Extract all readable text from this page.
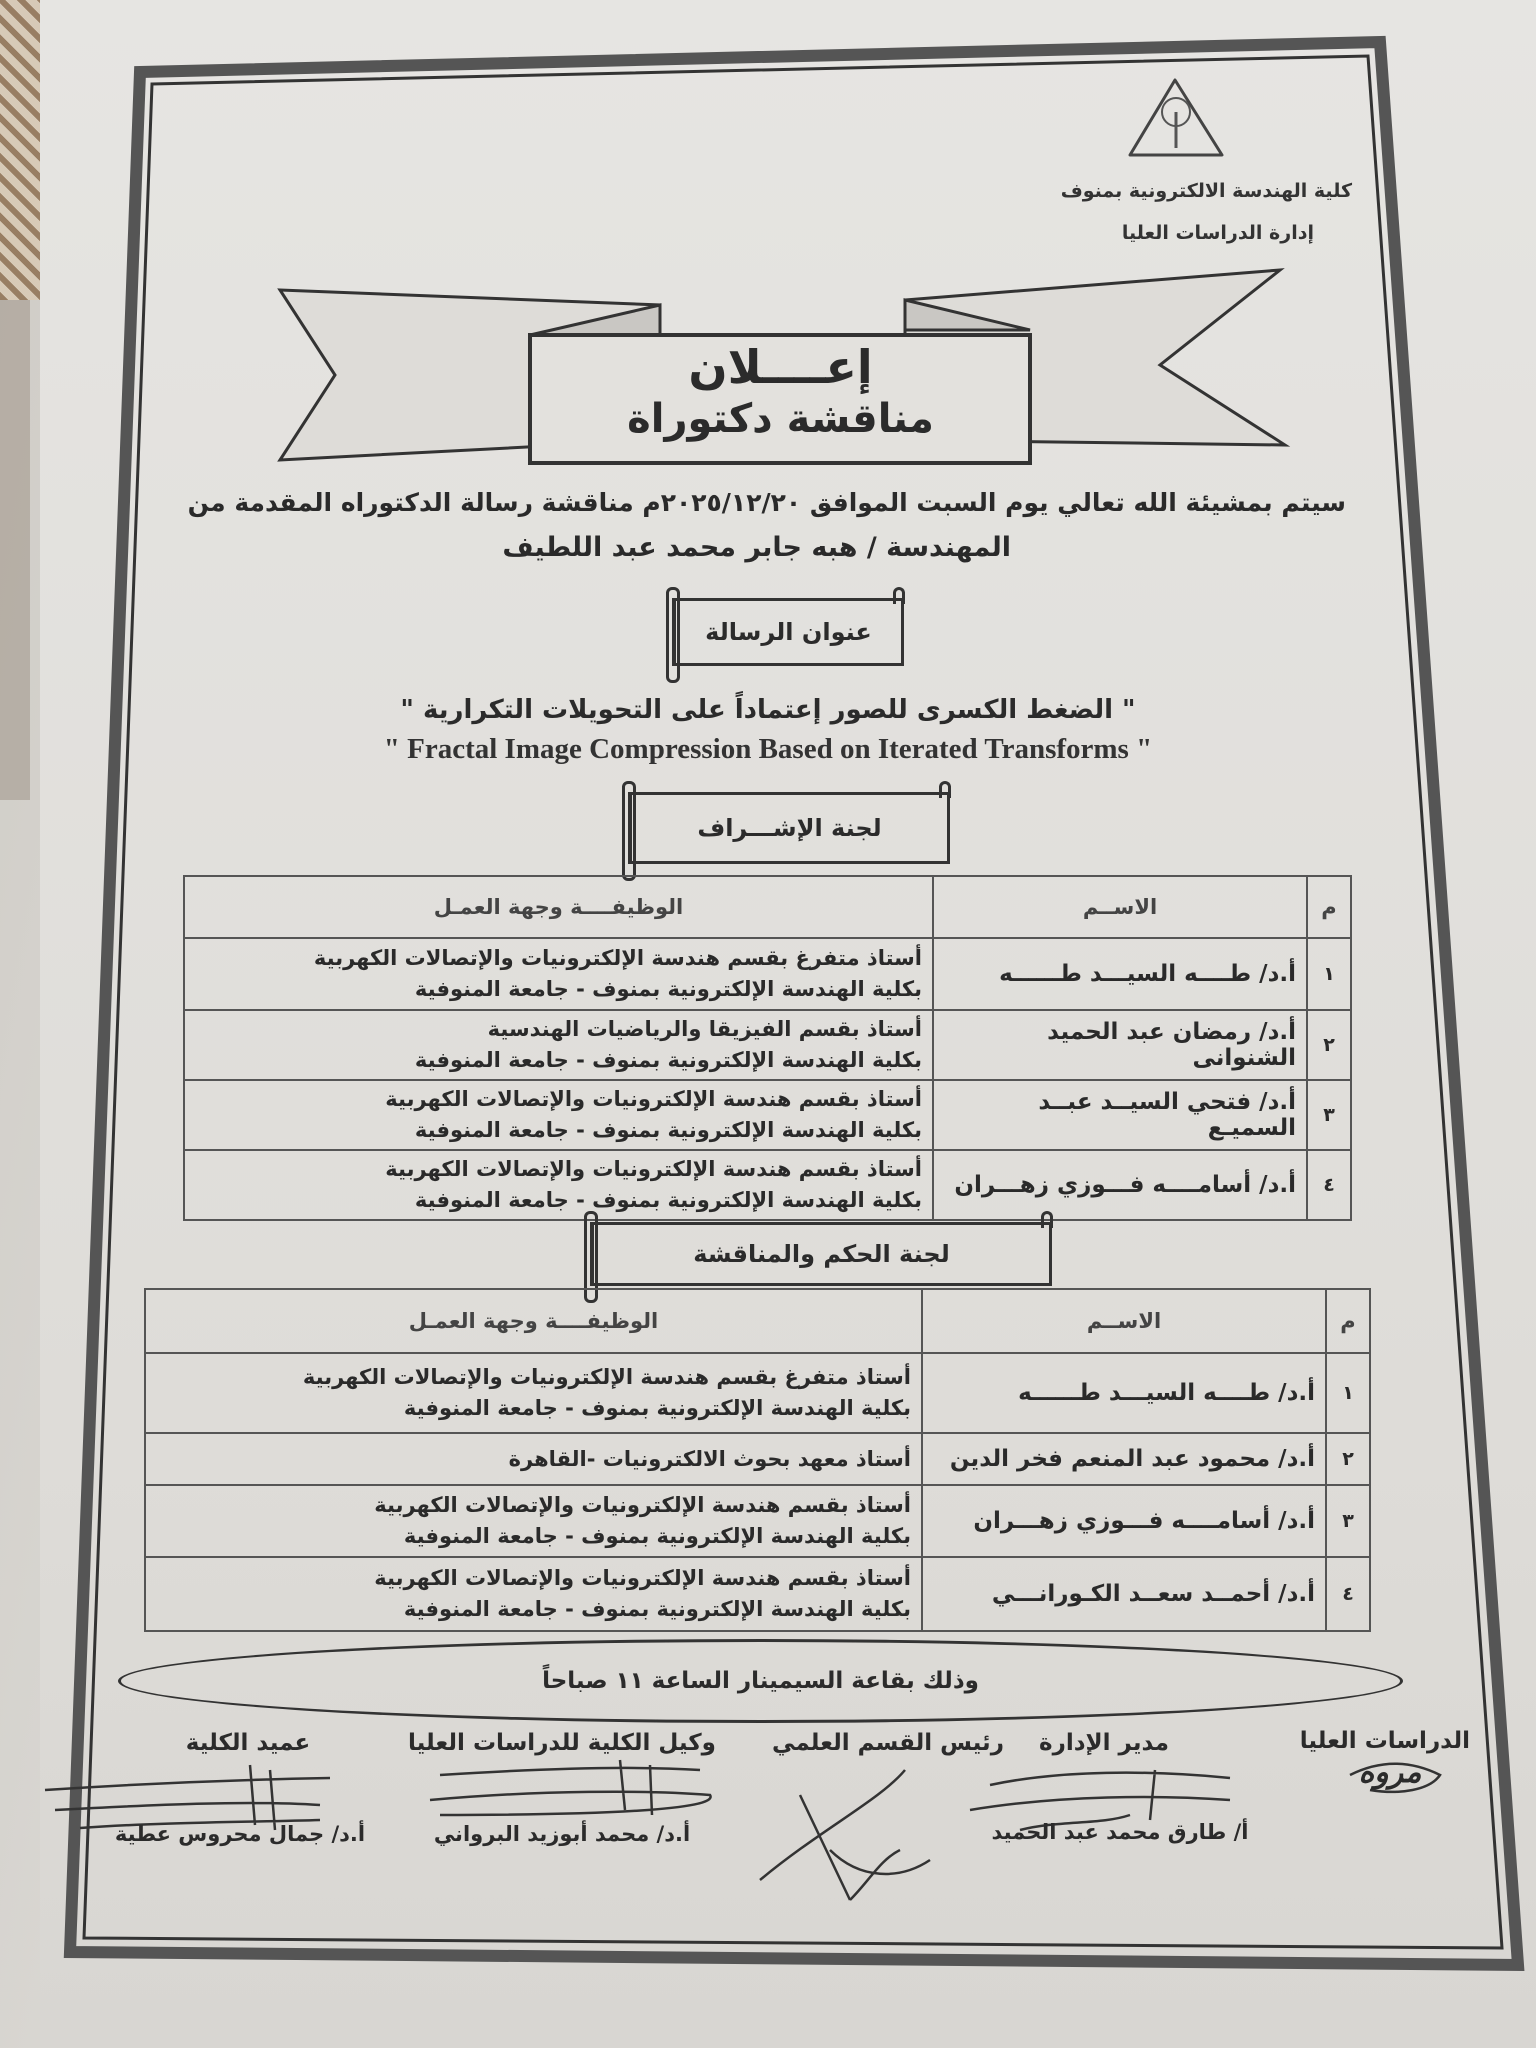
كلية الهندسة الالكترونية بمنوف
إدارة الدراسات العليا
إعــــلان
مناقشة دكتوراة
سيتم بمشيئة الله تعالي يوم السبت الموافق ٢٠٢٥/١٢/٢٠م مناقشة رسالة الدكتوراه المقدمة من
المهندسة / هبه جابر محمد عبد اللطيف
عنوان الرسالة
" الضغط الكسرى للصور إعتماداً على التحويلات التكرارية "
" Fractal Image Compression Based on Iterated Transforms "
لجنة الإشـــراف
م	الاســم	الوظيفــــة وجهة العمـل
١	أ.د/ طــــه السيـــد طــــــه	أستاذ متفرغ بقسم هندسة الإلكترونيات والإتصالات الكهربية
بكلية الهندسة الإلكترونية بمنوف - جامعة المنوفية

٢	أ.د/ رمضان عبد الحميد الشنوانى	أستاذ بقسم الفيزيقا والرياضيات الهندسية
بكلية الهندسة الإلكترونية بمنوف - جامعة المنوفية

٣	أ.د/ فتحي السيــد عبــد السميـع	أستاذ بقسم هندسة الإلكترونيات والإتصالات الكهربية
بكلية الهندسة الإلكترونية بمنوف - جامعة المنوفية

٤	أ.د/ أسامــــه فـــوزي زهـــران	أستاذ بقسم هندسة الإلكترونيات والإتصالات الكهربية
بكلية الهندسة الإلكترونية بمنوف - جامعة المنوفية
لجنة الحكم والمناقشة
م	الاســم	الوظيفــــة وجهة العمـل
١	أ.د/ طــــه السيـــد طــــــه	أستاذ متفرغ بقسم هندسة الإلكترونيات والإتصالات الكهربية
بكلية الهندسة الإلكترونية بمنوف - جامعة المنوفية

٢	أ.د/ محمود عبد المنعم فخر الدين	أستاذ معهد بحوث الالكترونيات -القاهرة

٣	أ.د/ أسامــــه فـــوزي زهـــران	أستاذ بقسم هندسة الإلكترونيات والإتصالات الكهربية
بكلية الهندسة الإلكترونية بمنوف - جامعة المنوفية

٤	أ.د/ أحمــد سعــد الكـورانـــي	أستاذ بقسم هندسة الإلكترونيات والإتصالات الكهربية
بكلية الهندسة الإلكترونية بمنوف - جامعة المنوفية
وذلك بقاعة السيمينار الساعة ١١ صباحاً
الدراسات العليا
مروه
مدير الإدارة
أ/ طارق محمد عبد الحميد
رئيس القسم العلمي
وكيل الكلية للدراسات العليا
أ.د/ محمد أبوزيد البرواني
عميد الكلية
أ.د/ جمال محروس عطية
